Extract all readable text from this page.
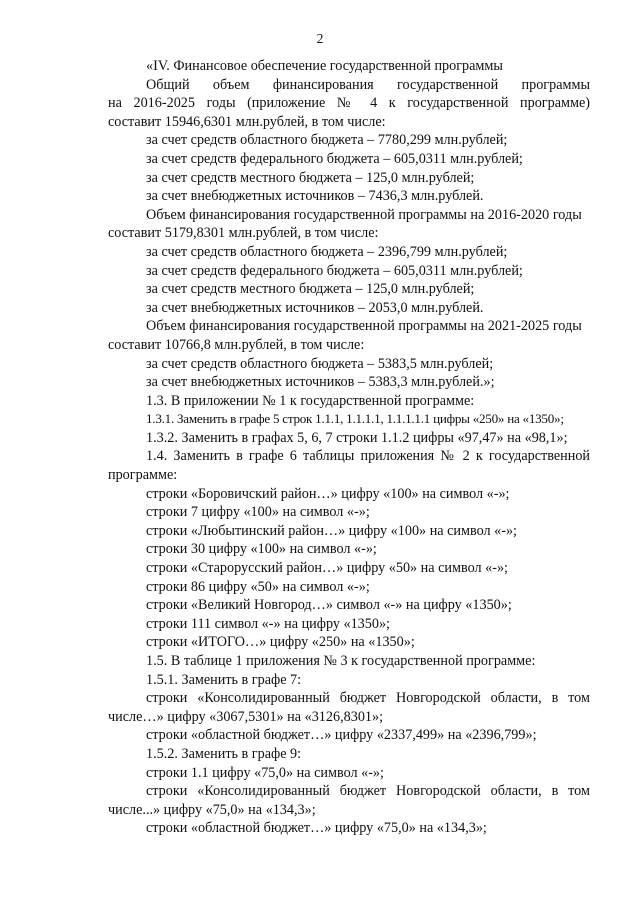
2
«IV. Финансовое обеспечение государственной программы
Общий объем финансирования государственной программы
на 2016-2025 годы (приложение № 4 к государственной программе)
составит 15946,6301 млн.рублей, в том числе:
за счет средств областного бюджета – 7780,299 млн.рублей;
за счет средств федерального бюджета – 605,0311 млн.рублей;
за счет средств местного бюджета – 125,0 млн.рублей;
за счет внебюджетных источников – 7436,3 млн.рублей.
Объем финансирования государственной программы на 2016-2020 годы
составит 5179,8301 млн.рублей, в том числе:
за счет средств областного бюджета – 2396,799 млн.рублей;
за счет средств федерального бюджета – 605,0311 млн.рублей;
за счет средств местного бюджета – 125,0 млн.рублей;
за счет внебюджетных источников – 2053,0 млн.рублей.
Объем финансирования государственной программы на 2021-2025 годы
составит 10766,8 млн.рублей, в том числе:
за счет средств областного бюджета – 5383,5 млн.рублей;
за счет внебюджетных источников – 5383,3 млн.рублей.»;
1.3. В приложении № 1 к государственной программе:
1.3.1. Заменить в графе 5 строк 1.1.1, 1.1.1.1, 1.1.1.1.1 цифры «250» на «1350»;
1.3.2. Заменить в графах 5, 6, 7 строки 1.1.2 цифры «97,47» на «98,1»;
1.4. Заменить в графе 6 таблицы приложения № 2 к государственной
программе:
строки «Боровичский район…» цифру «100» на символ «-»;
строки 7 цифру «100» на символ «-»;
строки «Любытинский район…» цифру «100» на символ «-»;
строки 30 цифру «100» на символ «-»;
строки «Старорусский район…» цифру «50» на символ «-»;
строки 86 цифру «50» на символ «-»;
строки «Великий Новгород…» символ «-» на цифру «1350»;
строки 111 символ «-» на цифру «1350»;
строки «ИТОГО…» цифру «250» на «1350»;
1.5. В таблице 1 приложения № 3 к государственной программе:
1.5.1. Заменить в графе 7:
строки «Консолидированный бюджет Новгородской области, в том
числе…» цифру «3067,5301» на «3126,8301»;
строки «областной бюджет…» цифру «2337,499» на «2396,799»;
1.5.2. Заменить в графе 9:
строки 1.1 цифру «75,0» на символ «-»;
строки «Консолидированный бюджет Новгородской области, в том
числе...» цифру «75,0» на «134,3»;
строки «областной бюджет…» цифру «75,0» на «134,3»;
